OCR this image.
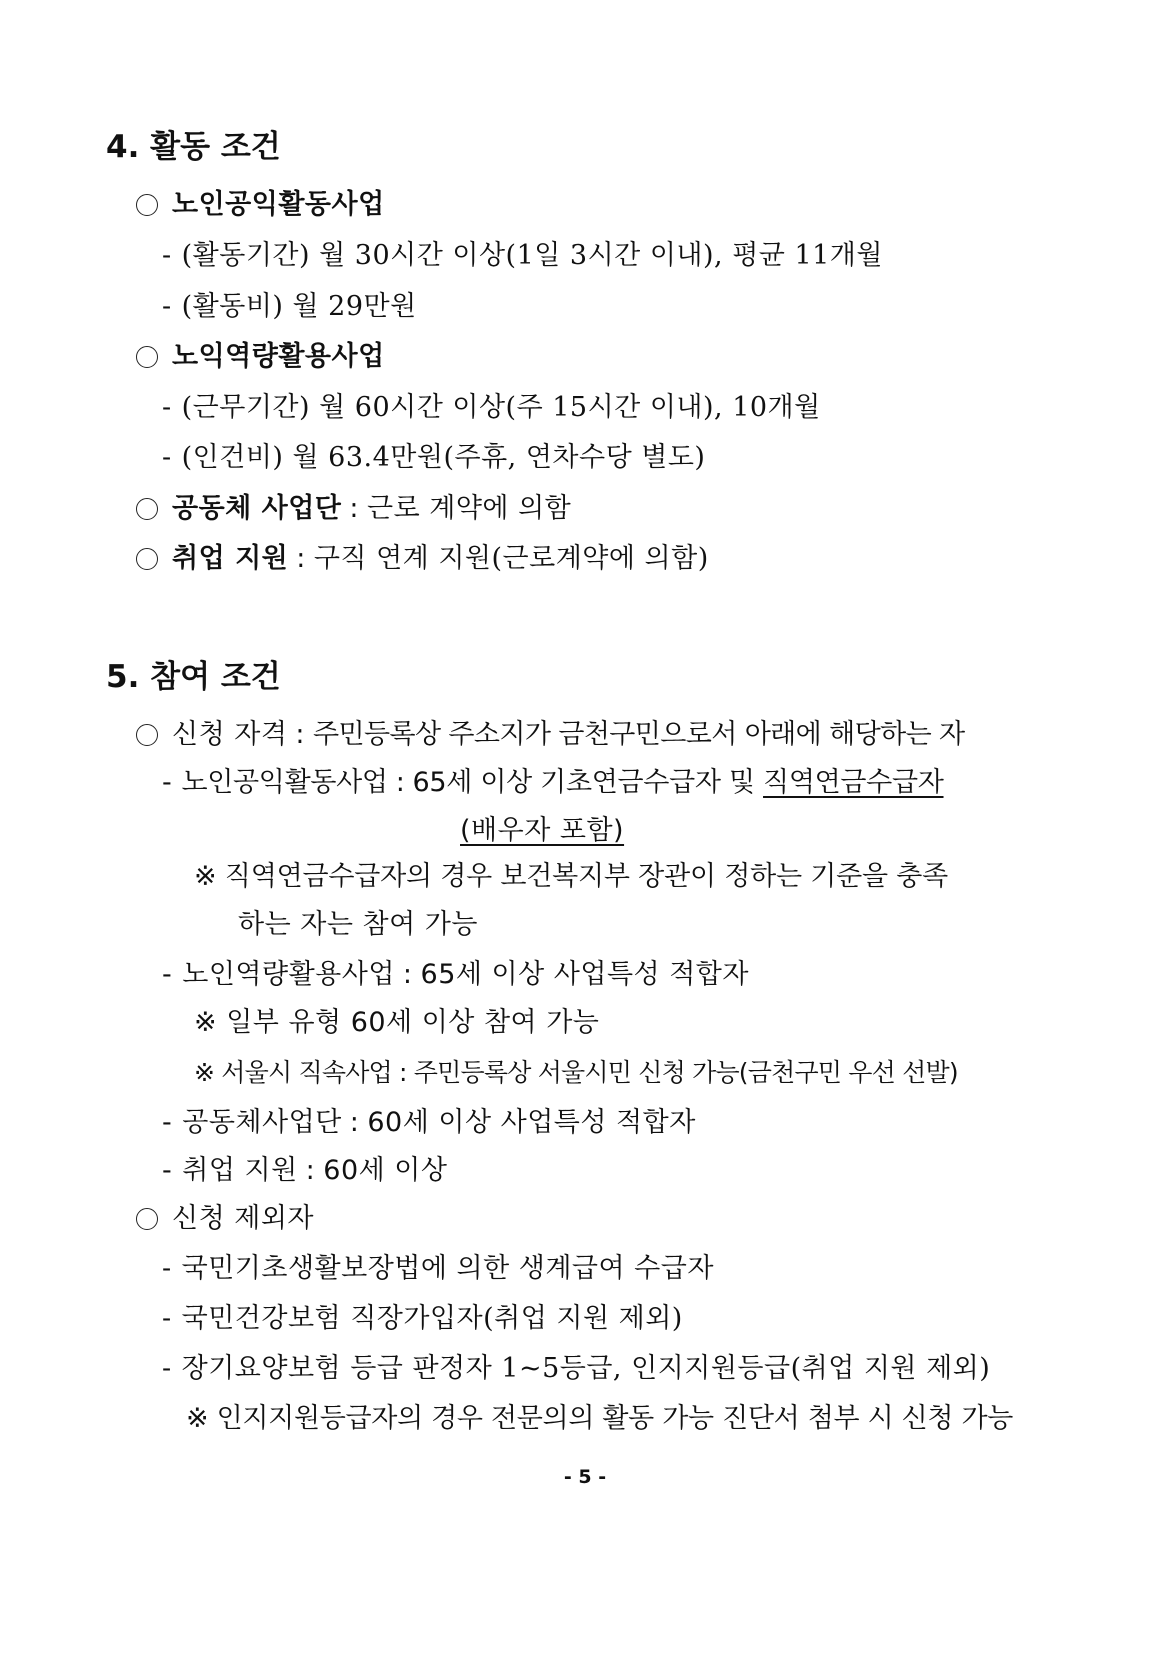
4. 활동 조건
노인공익활동사업
- (활동기간) 월 30시간 이상(1일 3시간 이내), 평균 11개월
- (활동비) 월 29만원
노익역량활용사업
- (근무기간) 월 60시간 이상(주 15시간 이내), 10개월
- (인건비) 월 63.4만원(주휴, 연차수당 별도)
공동체 사업단 : 근로 계약에 의함
취업 지원 : 구직 연계 지원(근로계약에 의함)
5. 참여 조건
신청 자격 : 주민등록상 주소지가 금천구민으로서 아래에 해당하는 자
- 노인공익활동사업 : 65세 이상 기초연금수급자 및 직역연금수급자
(배우자 포함)
※ 직역연금수급자의 경우 보건복지부 장관이 정하는 기준을 충족
하는 자는 참여 가능
- 노인역량활용사업 : 65세 이상 사업특성 적합자
※ 일부 유형 60세 이상 참여 가능
※ 서울시 직속사업 : 주민등록상 서울시민 신청 가능(금천구민 우선 선발)
- 공동체사업단 : 60세 이상 사업특성 적합자
- 취업 지원 : 60세 이상
신청 제외자
- 국민기초생활보장법에 의한 생계급여 수급자
- 국민건강보험 직장가입자(취업 지원 제외)
- 장기요양보험 등급 판정자 1~5등급, 인지지원등급(취업 지원 제외)
※ 인지지원등급자의 경우 전문의의 활동 가능 진단서 첨부 시 신청 가능
- 5 -
